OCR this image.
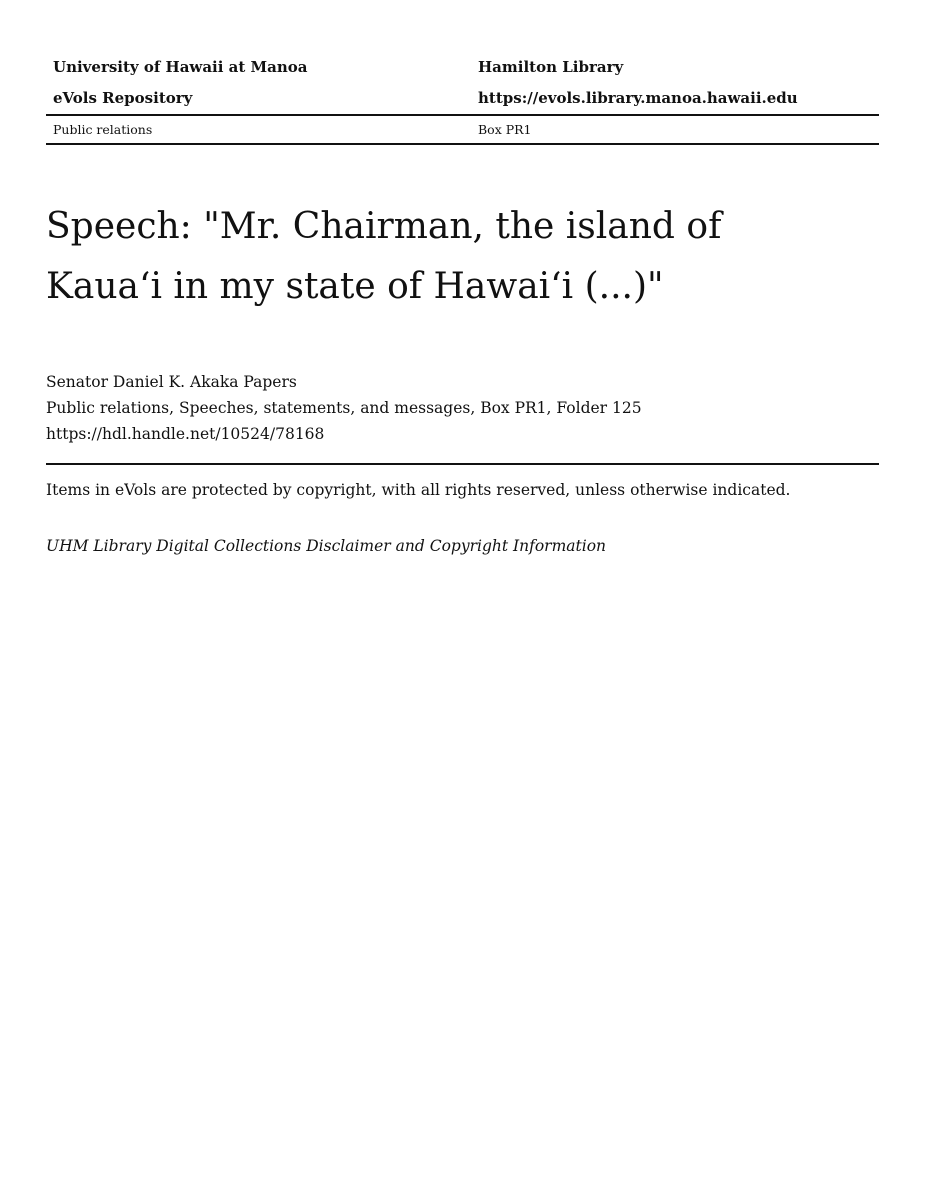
University of Hawaii at Manoa	Hamilton Library
eVols Repository	https://evols.library.manoa.hawaii.edu
Public relations	Box PR1
Speech: "Mr. Chairman, the island of Kaua‘i in my state of Hawai‘i (...)"
Senator Daniel K. Akaka Papers
Public relations, Speeches, statements, and messages, Box PR1, Folder 125
https://hdl.handle.net/10524/78168
Items in eVols are protected by copyright, with all rights reserved, unless otherwise indicated.
UHM Library Digital Collections Disclaimer and Copyright Information
